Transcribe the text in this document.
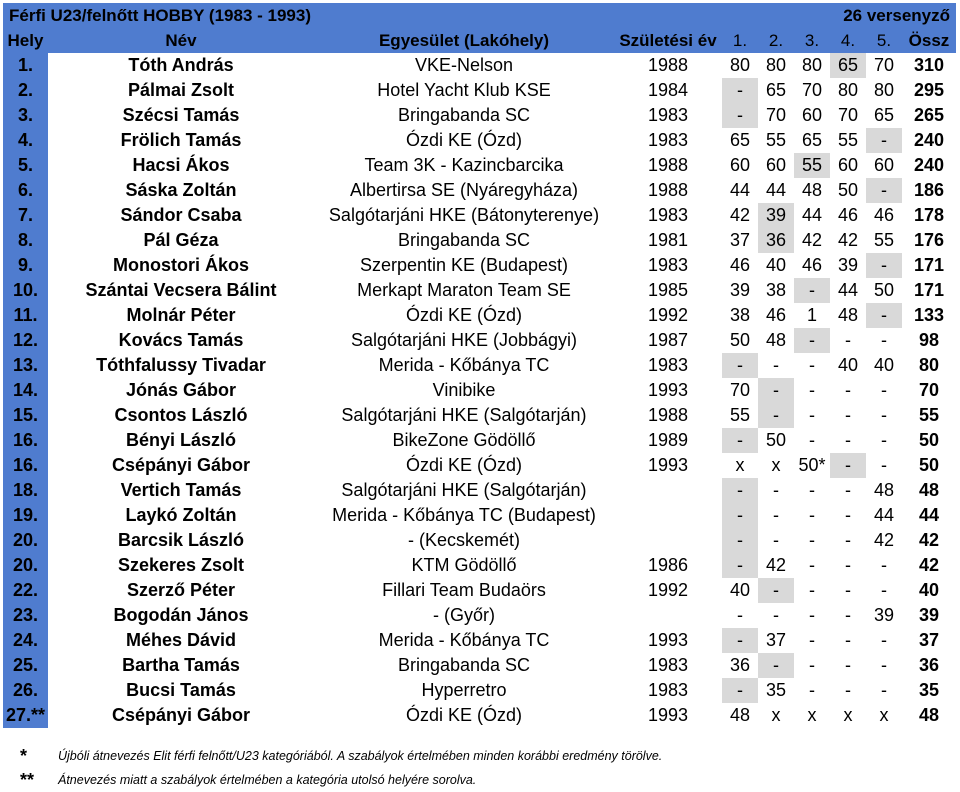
Férfi U23/felnőtt HOBBY (1983 - 1993)	26 versenyző
Hely	Név	Egyesület (Lakóhely)	Születési év	1.	2.	3.	4.	5.	Össz
1.	Tóth András	VKE-Nelson	1988	80	80	80	65	70	310
2.	Pálmai Zsolt	Hotel Yacht Klub KSE	1984	-	65	70	80	80	295
3.	Szécsi Tamás	Bringabanda SC	1983	-	70	60	70	65	265
4.	Frölich Tamás	Ózdi KE (Ózd)	1983	65	55	65	55	-	240
5.	Hacsi Ákos	Team 3K - Kazincbarcika	1988	60	60	55	60	60	240
6.	Sáska Zoltán	Albertirsa SE (Nyáregyháza)	1988	44	44	48	50	-	186
7.	Sándor Csaba	Salgótarjáni HKE (Bátonyterenye)	1983	42	39	44	46	46	178
8.	Pál Géza	Bringabanda SC	1981	37	36	42	42	55	176
9.	Monostori Ákos	Szerpentin KE (Budapest)	1983	46	40	46	39	-	171
10.	Szántai Vecsera Bálint	Merkapt Maraton Team SE	1985	39	38	-	44	50	171
11.	Molnár Péter	Ózdi KE (Ózd)	1992	38	46	1	48	-	133
12.	Kovács Tamás	Salgótarjáni HKE (Jobbágyi)	1987	50	48	-	-	-	98
13.	Tóthfalussy Tivadar	Merida - Kőbánya TC	1983	-	-	-	40	40	80
14.	Jónás Gábor	Vinibike	1993	70	-	-	-	-	70
15.	Csontos László	Salgótarjáni HKE (Salgótarján)	1988	55	-	-	-	-	55
16.	Bényi László	BikeZone Gödöllő	1989	-	50	-	-	-	50
16.	Csépányi Gábor	Ózdi KE (Ózd)	1993	x	x	50*	-	-	50
18.	Vertich Tamás	Salgótarjáni HKE (Salgótarján)		-	-	-	-	48	48
19.	Laykó Zoltán	Merida - Kőbánya TC (Budapest)		-	-	-	-	44	44
20.	Barcsik László	- (Kecskemét)		-	-	-	-	42	42
20.	Szekeres Zsolt	KTM Gödöllő	1986	-	42	-	-	-	42
22.	Szerző Péter	Fillari Team Budaörs	1992	40	-	-	-	-	40
23.	Bogodán János	- (Győr)		-	-	-	-	39	39
24.	Méhes Dávid	Merida - Kőbánya TC	1993	-	37	-	-	-	37
25.	Bartha Tamás	Bringabanda SC	1983	36	-	-	-	-	36
26.	Bucsi Tamás	Hyperretro	1983	-	35	-	-	-	35
27.**	Csépányi Gábor	Ózdi KE (Ózd)	1993	48	x	x	x	x	48
*	Újbóli átnevezés Elit férfi felnőtt/U23 kategóriából. A szabályok értelmében minden korábbi eredmény törölve.
**	Átnevezés miatt a szabályok értelmében a kategória utolsó helyére sorolva.
